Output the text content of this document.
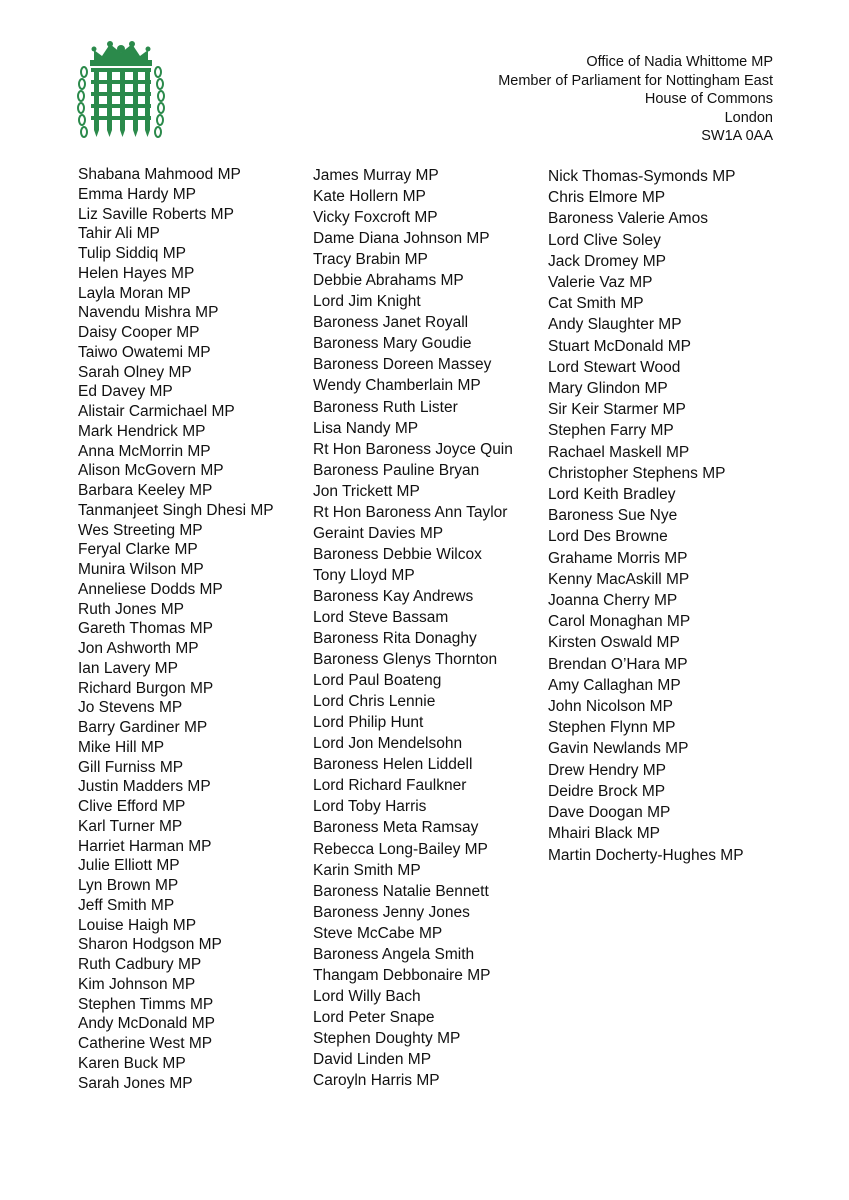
Office of Nadia Whittome MP
Member of Parliament for Nottingham East
House of Commons
London
SW1A 0AA
Shabana Mahmood MP
Emma Hardy MP
Liz Saville Roberts MP
Tahir Ali MP
Tulip Siddiq MP
Helen Hayes MP
Layla Moran MP
Navendu Mishra MP
Daisy Cooper MP
Taiwo Owatemi MP
Sarah Olney MP
Ed Davey MP
Alistair Carmichael MP
Mark Hendrick MP
Anna McMorrin MP
Alison McGovern MP
Barbara Keeley MP
Tanmanjeet Singh Dhesi MP
Wes Streeting MP
Feryal Clarke MP
Munira Wilson MP
Anneliese Dodds MP
Ruth Jones MP
Gareth Thomas MP
Jon Ashworth MP
Ian Lavery MP
Richard Burgon MP
Jo Stevens MP
Barry Gardiner MP
Mike Hill MP
Gill Furniss MP
Justin Madders MP
Clive Efford MP
Karl Turner MP
Harriet Harman MP
Julie Elliott MP
Lyn Brown MP
Jeff Smith MP
Louise Haigh MP
Sharon Hodgson MP
Ruth Cadbury MP
Kim Johnson MP
Stephen Timms MP
Andy McDonald MP
Catherine West MP
Karen Buck MP
Sarah Jones MP
James Murray MP
Kate Hollern MP
Vicky Foxcroft MP
Dame Diana Johnson MP
Tracy Brabin MP
Debbie Abrahams MP
Lord Jim Knight
Baroness Janet Royall
Baroness Mary Goudie
Baroness Doreen Massey
Wendy Chamberlain MP
Baroness Ruth Lister
Lisa Nandy MP
Rt Hon Baroness Joyce Quin
Baroness Pauline Bryan
Jon Trickett MP
Rt Hon Baroness Ann Taylor
Geraint Davies MP
Baroness Debbie Wilcox
Tony Lloyd MP
Baroness Kay Andrews
Lord Steve Bassam
Baroness Rita Donaghy
Baroness Glenys Thornton
Lord Paul Boateng
Lord Chris Lennie
Lord Philip Hunt
Lord Jon Mendelsohn
Baroness Helen Liddell
Lord Richard Faulkner
Lord Toby Harris
Baroness Meta Ramsay
Rebecca Long-Bailey MP
Karin Smith MP
Baroness Natalie Bennett
Baroness Jenny Jones
Steve McCabe MP
Baroness Angela Smith
Thangam Debbonaire MP
Lord Willy Bach
Lord Peter Snape
Stephen Doughty MP
David Linden MP
Caroyln Harris MP
Nick Thomas-Symonds MP
Chris Elmore MP
Baroness Valerie Amos
Lord Clive Soley
Jack Dromey MP
Valerie Vaz MP
Cat Smith MP
Andy Slaughter MP
Stuart McDonald MP
Lord Stewart Wood
Mary Glindon MP
Sir Keir Starmer MP
Stephen Farry MP
Rachael Maskell MP
Christopher Stephens MP
Lord Keith Bradley
Baroness Sue Nye
Lord Des Browne
Grahame Morris MP
Kenny MacAskill MP
Joanna Cherry MP
Carol Monaghan MP
Kirsten Oswald MP
Brendan O’Hara MP
Amy Callaghan MP
John Nicolson MP
Stephen Flynn MP
Gavin Newlands MP
Drew Hendry MP
Deidre Brock MP
Dave Doogan MP
Mhairi Black MP
Martin Docherty-Hughes MP
